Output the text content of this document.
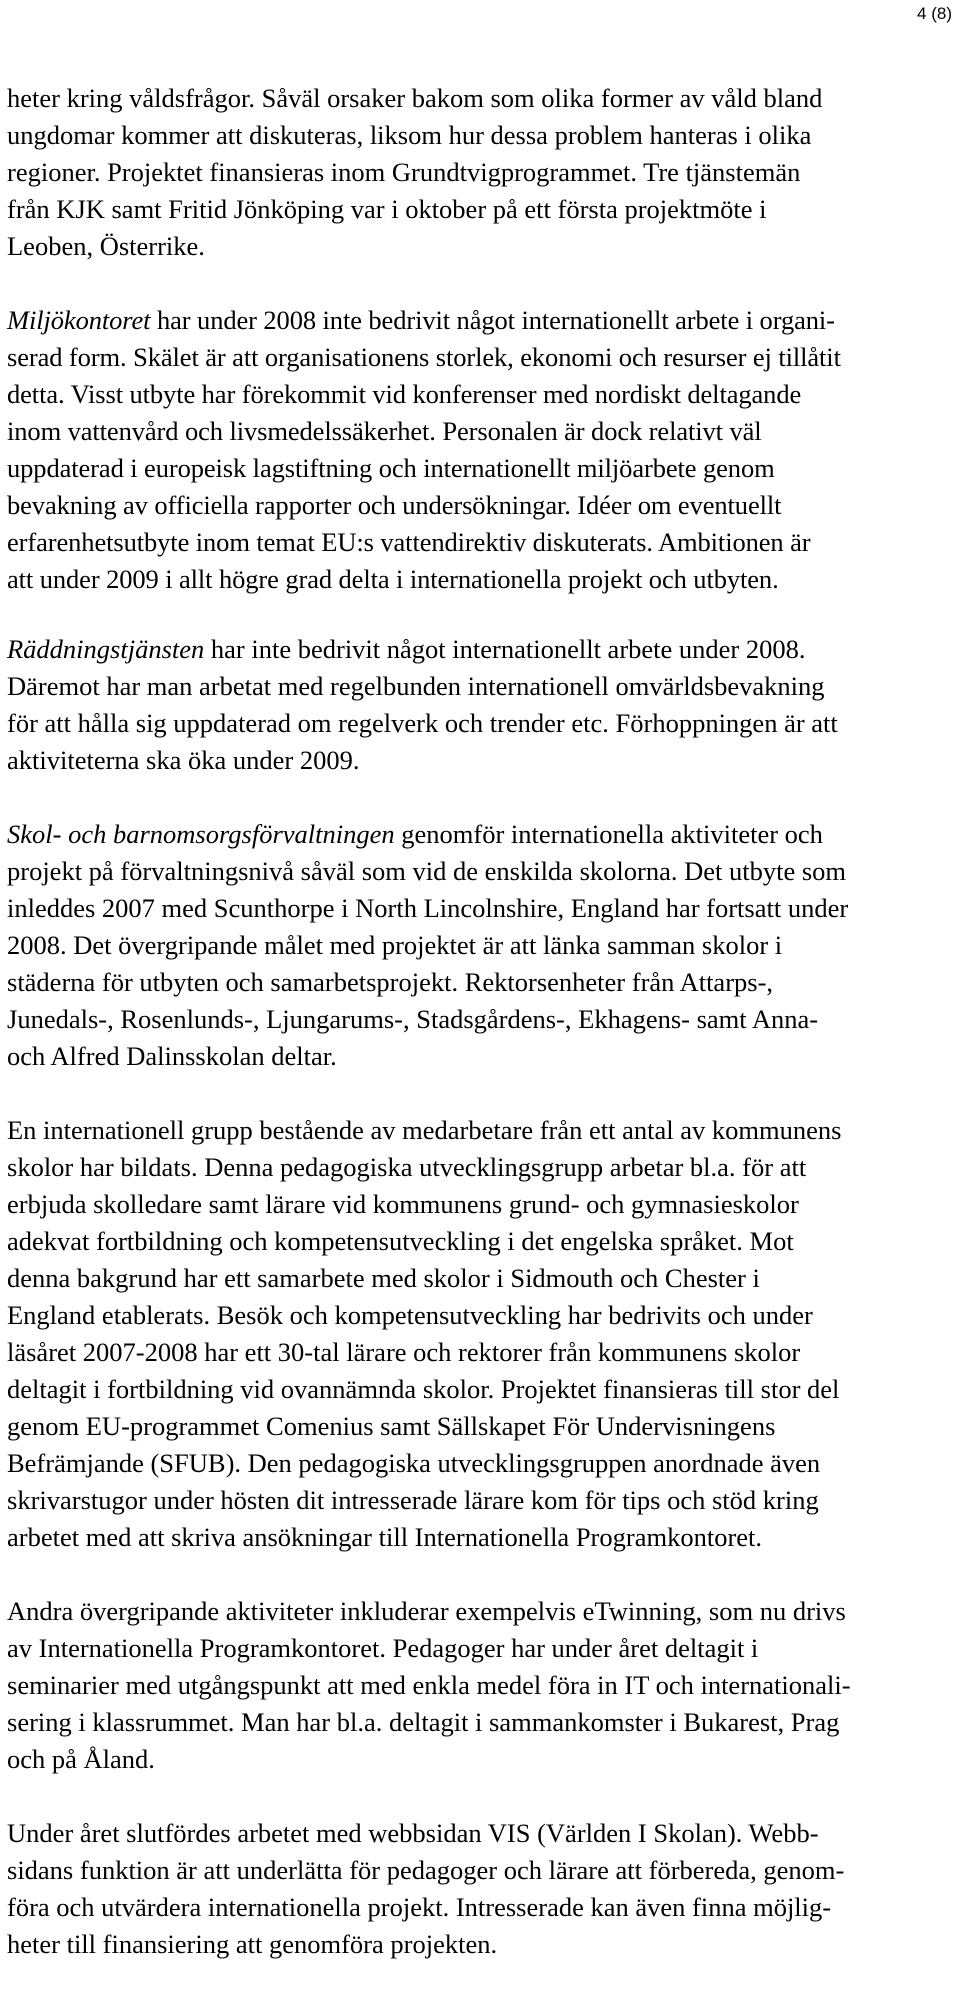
4 (8)

heter kring våldsfrågor. Såväl orsaker bakom som olika former av våld bland
ungdomar kommer att diskuteras, liksom hur dessa problem hanteras i olika
regioner. Projektet finansieras inom Grundtvigprogrammet. Tre tjänstemän
från KJK samt Fritid Jönköping var i oktober på ett första projektmöte i
Leoben, Österrike.

Miljökontoret har under 2008 inte bedrivit något internationellt arbete i organi-
serad form. Skälet är att organisationens storlek, ekonomi och resurser ej tillåtit
detta. Visst utbyte har förekommit vid konferenser med nordiskt deltagande
inom vattenvård och livsmedelssäkerhet. Personalen är dock relativt väl
uppdaterad i europeisk lagstiftning och internationellt miljöarbete genom
bevakning av officiella rapporter och undersökningar. Idéer om eventuellt
erfarenhetsutbyte inom temat EU:s vattendirektiv diskuterats. Ambitionen är
att under 2009 i allt högre grad delta i internationella projekt och utbyten.

Räddningstjänsten har inte bedrivit något internationellt arbete under 2008.
Däremot har man arbetat med regelbunden internationell omvärldsbevakning
för att hålla sig uppdaterad om regelverk och trender etc. Förhoppningen är att
aktiviteterna ska öka under 2009.

Skol- och barnomsorgsförvaltningen genomför internationella aktiviteter och
projekt på förvaltningsnivå såväl som vid de enskilda skolorna. Det utbyte som
inleddes 2007 med Scunthorpe i North Lincolnshire, England har fortsatt under
2008. Det övergripande målet med projektet är att länka samman skolor i
städerna för utbyten och samarbetsprojekt. Rektorsenheter från Attarps-,
Junedals-, Rosenlunds-, Ljungarums-, Stadsgårdens-, Ekhagens- samt Anna-
och Alfred Dalinsskolan deltar.

En internationell grupp bestående av medarbetare från ett antal av kommunens
skolor har bildats. Denna pedagogiska utvecklingsgrupp arbetar bl.a. för att
erbjuda skolledare samt lärare vid kommunens grund- och gymnasieskolor
adekvat fortbildning och kompetensutveckling i det engelska språket. Mot
denna bakgrund har ett samarbete med skolor i Sidmouth och Chester i
England etablerats. Besök och kompetensutveckling har bedrivits och under
läsåret 2007-2008 har ett 30-tal lärare och rektorer från kommunens skolor
deltagit i fortbildning vid ovannämnda skolor. Projektet finansieras till stor del
genom EU-programmet Comenius samt Sällskapet För Undervisningens
Befrämjande (SFUB). Den pedagogiska utvecklingsgruppen anordnade även
skrivarstugor under hösten dit intresserade lärare kom för tips och stöd kring
arbetet med att skriva ansökningar till Internationella Programkontoret.

Andra övergripande aktiviteter inkluderar exempelvis eTwinning, som nu drivs
av Internationella Programkontoret. Pedagoger har under året deltagit i
seminarier med utgångspunkt att med enkla medel föra in IT och internationali-
sering i klassrummet. Man har bl.a. deltagit i sammankomster i Bukarest, Prag
och på Åland.

Under året slutfördes arbetet med webbsidan VIS (Världen I Skolan). Webb-
sidans funktion är att underlätta för pedagoger och lärare att förbereda, genom-
föra och utvärdera internationella projekt. Intresserade kan även finna möjlig-
heter till finansiering att genomföra projekten.
